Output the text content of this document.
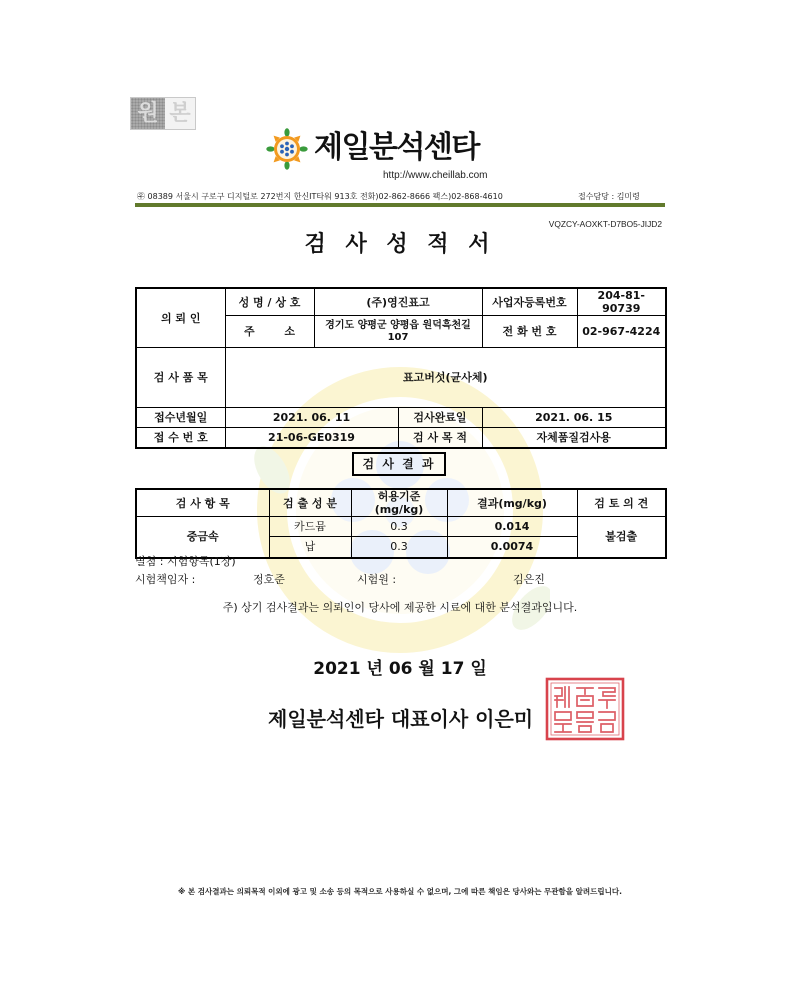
원 본
제일분석센타
http://www.cheillab.com
㉾ 08389 서울시 구로구 디지털로 272번지 한신IT타워 913호 전화)02-862-8666 팩스)02-868-4610	접수담당 : 김미령
VQZCY-AOXKT-D7BO5-JIJD2
검 사 성 적 서
의 뢰 인	성 명 / 상 호	(주)영진표고		사업자등록번호	204-81-90739
	주 소	경기도 양평군 양평읍 원덕흑천길 107		전 화 번 호	02-967-4224
검 사 품 목	표고버섯(균사체)				
접수년월일	2021. 06. 11		검사완료일	2021. 06. 15	
접 수 번 호	21-06-GE0319		검 사 목 적	자체품질검사용	
검 사 결 과
검 사 항 목	검 출 성 분	허용기준(mg/kg)	결과(mg/kg)	검 토 의 견
중금속	카드뮴	0.3	0.014	불검출
	납	0.3	0.0074	
별첨 : 시험항목(1장)
시험책임자 :	정호준	시험원 :	김은진
주) 상기 검사결과는 의뢰인이 당사에 제공한 시료에 대한 분석결과입니다.
2021 년 06 월 17 일
제일분석센타 대표이사 이은미
※ 본 검사결과는 의뢰목적 이외에 광고 및 소송 등의 목적으로 사용하실 수 없으며, 그에 따른 책임은 당사와는 무관함을 알려드립니다.
